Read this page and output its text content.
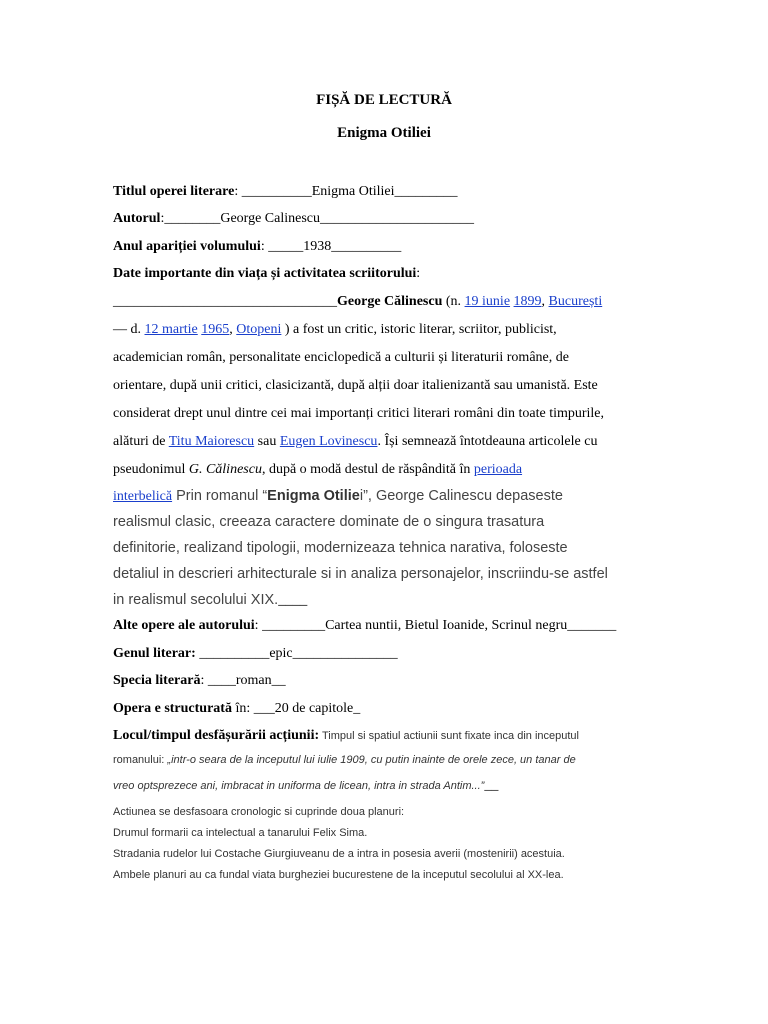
FIȘĂ DE LECTURĂ
Enigma Otiliei
Titlul operei literare: __________Enigma Otiliei_________
Autorul:________George Calinescu______________________
Anul apariției volumului: _____1938__________
Date importante din viața și activitatea scriitorului:
________________________________George Călinescu (n. 19 iunie 1899, București
— d. 12 martie 1965, Otopeni ) a fost un critic, istoric literar, scriitor, publicist,
academician român, personalitate enciclopedică a culturii și literaturii române, de
orientare, după unii critici, clasicizantă, după alții doar italienizantă sau umanistă. Este
considerat drept unul dintre cei mai importanți critici literari români din toate timpurile,
alături de Titu Maiorescu sau Eugen Lovinescu. Își semnează întotdeauna articolele cu
pseudonimul G. Călinescu, după o modă destul de răspândită în perioada
interbelică Prin romanul “Enigma Otiliei”, George Calinescu depaseste
realismul clasic, creeaza caractere dominate de o singura trasatura
definitorie, realizand tipologii, modernizeaza tehnica narativa, foloseste
detaliul in descrieri arhitecturale si in analiza personajelor, inscriindu-se astfel
in realismul secolului XIX.____
Alte opere ale autorului: _________Cartea nuntii, Bietul Ioanide, Scrinul negru_______
Genul literar: __________epic_______________
Specia literară: ____roman__
Opera e structurată în: ___20 de capitole_
Locul/timpul desfășurării acțiunii: Timpul si spatiul actiunii sunt fixate inca din inceputul
romanului: „intr-o seara de la inceputul lui iulie 1909, cu putin inainte de orele zece, un tanar de
vreo optsprezece ani, imbracat in uniforma de licean, intra in strada Antim...”__
Actiunea se desfasoara cronologic si cuprinde doua planuri:
Drumul formarii ca intelectual a tanarului Felix Sima.
Stradania rudelor lui Costache Giurgiuveanu de a intra in posesia averii (mostenirii) acestuia.
Ambele planuri au ca fundal viata burgheziei bucurestene de la inceputul secolului al XX-lea.
